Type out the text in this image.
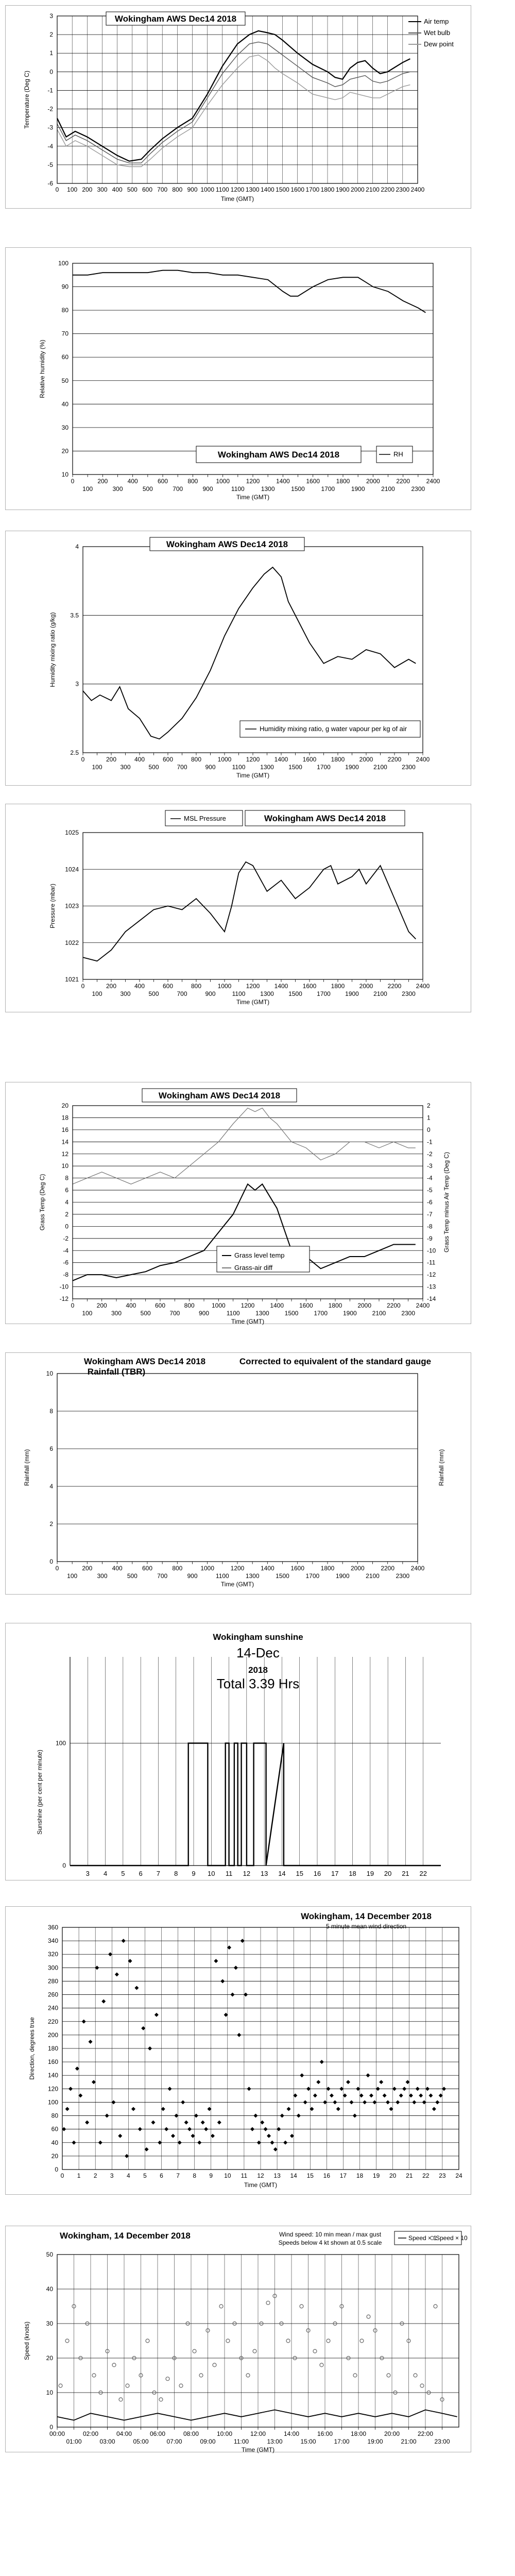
-6
-5
-4
-3
-2
-1
0
1
2
3
0 100 200 300 400 500 600 700 800 900 1000 1100 1200 1300 1400 1500 1600 1700 1800 1900 2000 2100 2200 2300 2400
Wokingham AWS Dec14 2018
Time (GMT)
Temperature (Deg C)
Air temp
Wet bulb
Dew point
10
20
30
40
50
60
70
80
90
100
0	200	400	600	800	1000	1200	1400	1600	1800	2000	2200	2400
100	300	500	700	900	1100	1300	1500	1700	1900	2100	2300
Wokingham AWS Dec14 2018	RH
Time (GMT)
Relative humidity (%)
2.5
3
3.5
4
0	200	400	600	800	1000 1200 1400 1600 1800 2000 2200 2400
100	300	500	700	900	1100 1300 1500 1700 1900 2100 2300
Wokingham AWS Dec14 2018
Humidity mixing ratio, g water vapour per kg of air
Time (GMT)
Humidity mixing ratio (g/kg)
1021
1022
1023
1024
1025
0	200	400	600	800	1000 1200 1400 1600 1800 2000 2200 2400
100	300	500	700	900	1100 1300 1500 1700 1900 2100 2300
Wokingham AWS Dec14 2018
MSL Pressure
Time (GMT)
Pressure (mbar)
-12
-10
-8
-6
-4
-2
0
2
4
6
8
10
12
14
16
18
20
-14
-13
-12
-11
-10
-9
-8
-7
-6
-5
-4
-3
-2
-1
0
1
2
0	200	400	600	800	1000 1200 1400 1600 1800 2000 2200 2400
100	300	500	700	900	1100	1300 1500 1700 1900 2100 2300
Wokingham AWS Dec14 2018
Grass level temp
Grass-air diff
Time (GMT)
Grass Temp (Deg C)	Grass Temp minus Air Temp (Deg C)
0
2
4
6
8
10
0	200	400	600	800	1000	1200	1400	1600	1800	2000	2200	2400
100	300	500	700	900	1100	1300	1500	1700	1900	2100	2300
Wokingham AWS Dec14 2018
Rainfall (TBR)
Corrected to equivalent of the standard gauge
Time (GMT)
Rainfall (mm)	Rainfall (mm)
0
100
3 4 5 6 7 8 9 10 11 12 13 14 15 16 17 18 19 20 21 22
Wokingham sunshine
14-Dec
2018
Total 3.39 Hrs
Sunshine (per cent per minute)
0
20
40
60
80
100
120
140
160
180
200
220
240
260
280
300
320
340
360
0 1 2 3 4 5 6 7 8 9 10 11 12 13 14 15 16 17 18 19 20 21 22 23 24
Wokingham, 14 December 2018
5 minute mean wind direction
Time (GMT)
Direction, degrees true
0
10
20
30
40
50
00:00	02:00	04:00	06:00	08:00	10:00	12:00	14:00	16:00	18:00	20:00	22:00
01:00	03:00	05:00	07:00	09:00	11:00	13:00	15:00	17:00	19:00	21:00	23:00
Wokingham, 14 December 2018	Wind speed: 10 min mean / max gust
Speeds below 4 kt shown at 0.5 scale
Speed × 1
Speed × 10
Time (GMT)
Speed (knots)
